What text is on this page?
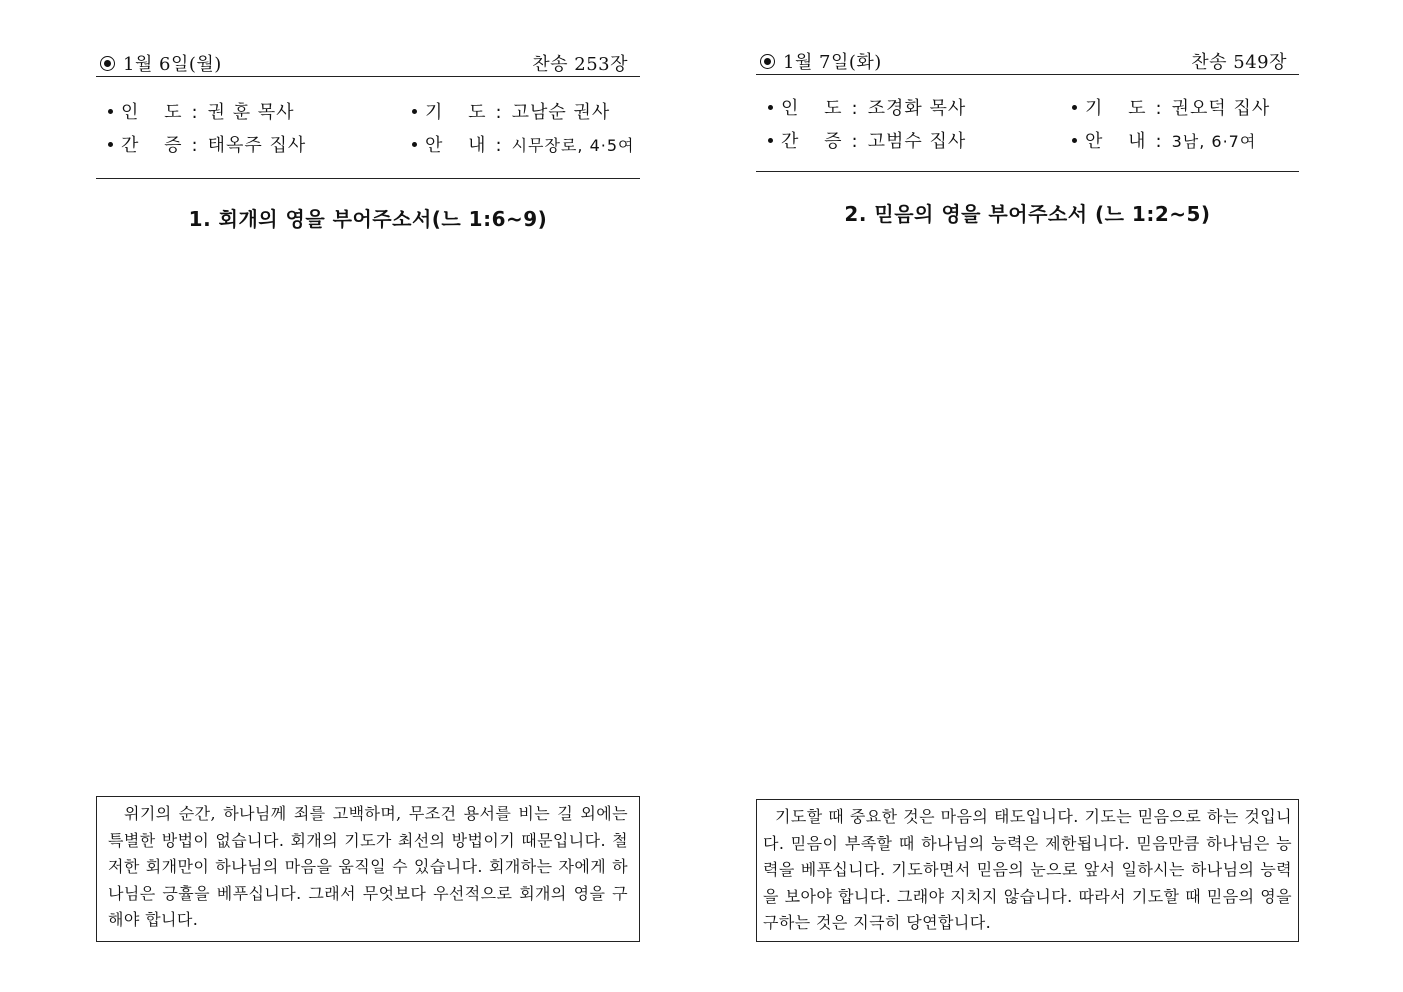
1월 6일(월)	찬송 253장
인 도: 권 훈 목사	기 도: 고남순 권사
간 증: 태옥주 집사	안 내: 시무장로, 4·5여
1. 회개의 영을 부어주소서(느 1:6~9)
위기의 순간, 하나님께 죄를 고백하며, 무조건 용서를 비는 길 외에는 특별한 방법이 없습니다. 회개의 기도가 최선의 방법이기 때문입니다. 철저한 회개만이 하나님의 마음을 움직일 수 있습니다. 회개하는 자에게 하나님은 긍휼을 베푸십니다. 그래서 무엇보다 우선적으로 회개의 영을 구해야 합니다.
1월 7일(화)	찬송 549장
인 도: 조경화 목사	기 도: 권오덕 집사
간 증: 고범수 집사	안 내: 3남, 6·7여
2. 믿음의 영을 부어주소서 (느 1:2~5)
기도할 때 중요한 것은 마음의 태도입니다. 기도는 믿음으로 하는 것입니다. 믿음이 부족할 때 하나님의 능력은 제한됩니다. 믿음만큼 하나님은 능력을 베푸십니다. 기도하면서 믿음의 눈으로 앞서 일하시는 하나님의 능력을 보아야 합니다. 그래야 지치지 않습니다. 따라서 기도할 때 믿음의 영을 구하는 것은 지극히 당연합니다.
